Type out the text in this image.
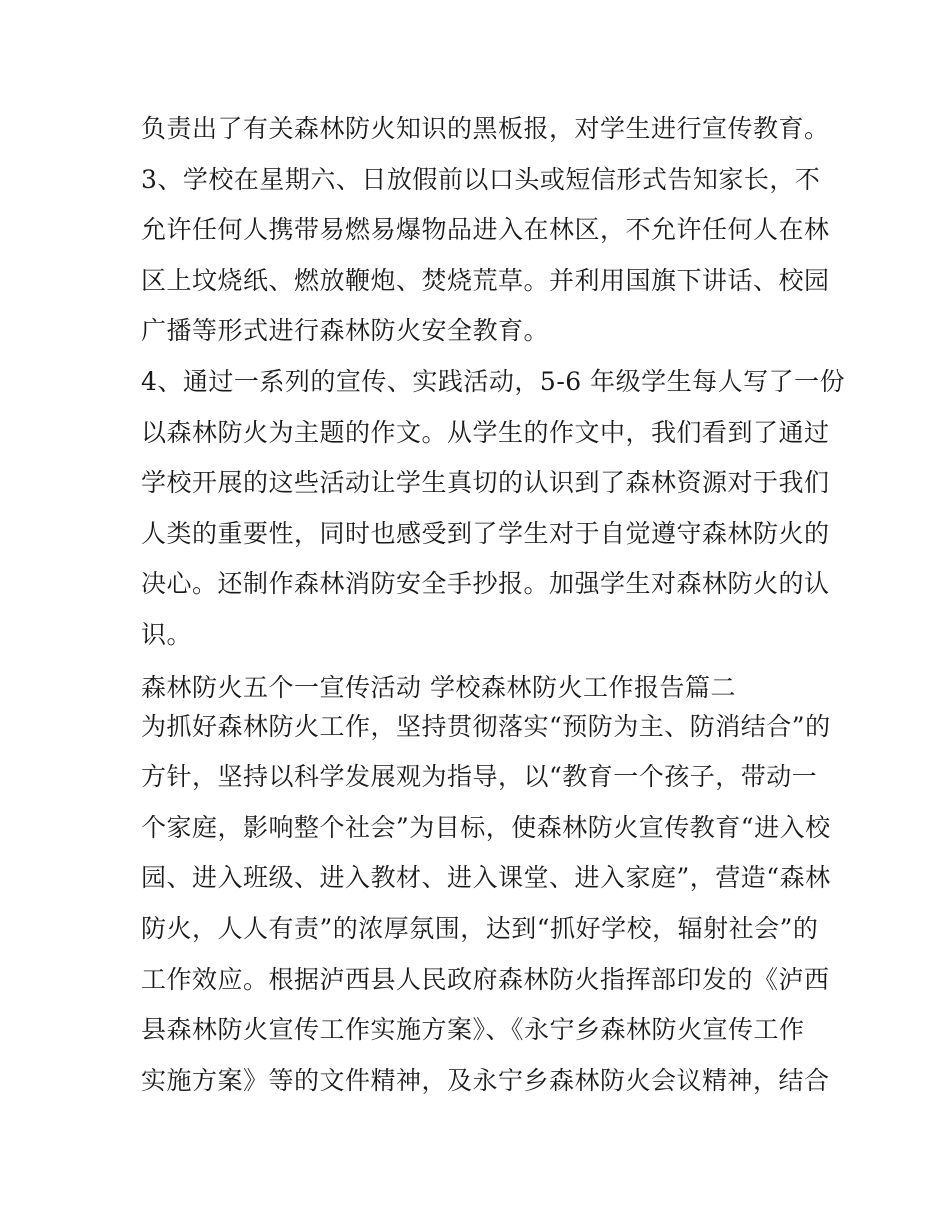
负责出了有关森林防火知识的黑板报，对学生进行宣传教育。
3、学校在星期六、日放假前以口头或短信形式告知家长，不
允许任何人携带易燃易爆物品进入在林区，不允许任何人在林
区上坟烧纸、燃放鞭炮、焚烧荒草。并利用国旗下讲话、校园
广播等形式进行森林防火安全教育。
4、通过一系列的宣传、实践活动，5-6 年级学生每人写了一份
以森林防火为主题的作文。从学生的作文中，我们看到了通过
学校开展的这些活动让学生真切的认识到了森林资源对于我们
人类的重要性，同时也感受到了学生对于自觉遵守森林防火的
决心。还制作森林消防安全手抄报。加强学生对森林防火的认
识。
森林防火五个一宣传活动 学校森林防火工作报告篇二
为抓好森林防火工作，坚持贯彻落实“预防为主、防消结合”的
方针，坚持以科学发展观为指导，以“教育一个孩子，带动一
个家庭，影响整个社会”为目标，使森林防火宣传教育“进入校
园、进入班级、进入教材、进入课堂、进入家庭”，营造“森林
防火，人人有责”的浓厚氛围，达到“抓好学校，辐射社会”的
工作效应。根据泸西县人民政府森林防火指挥部印发的《泸西
县森林防火宣传工作实施方案》、《永宁乡森林防火宣传工作
实施方案》等的文件精神，及永宁乡森林防火会议精神，结合
